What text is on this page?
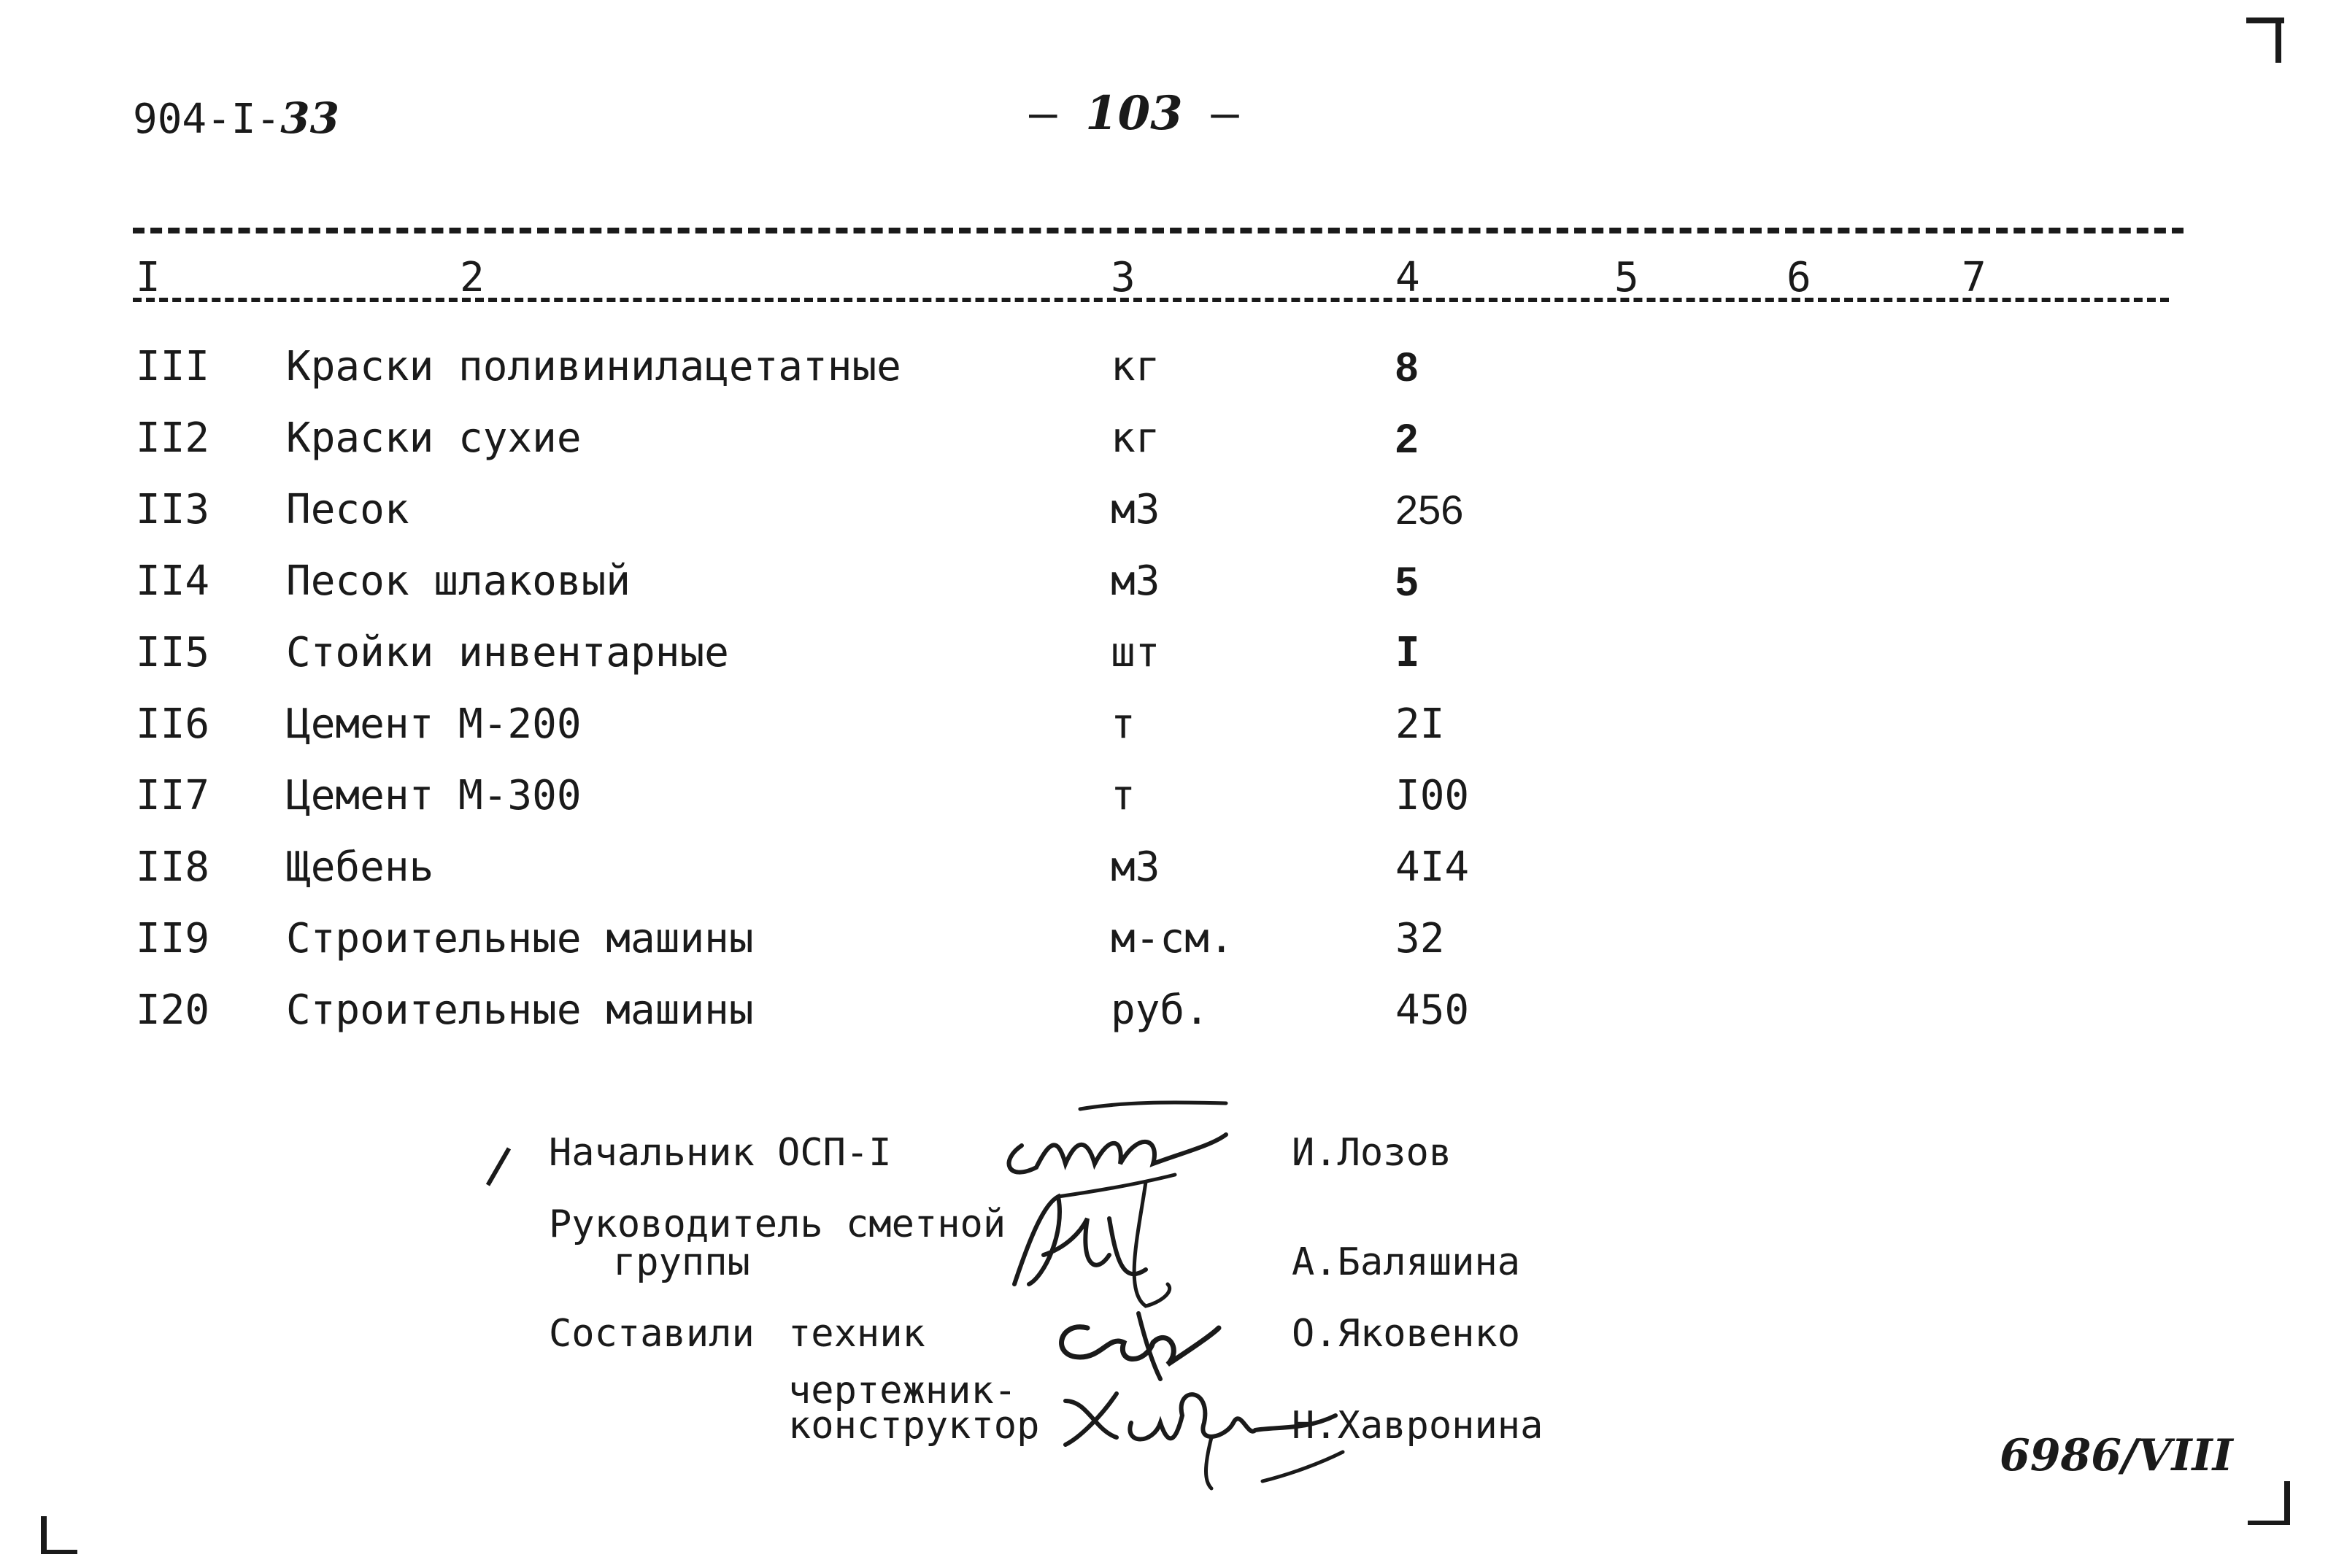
904-I-33	– 103 –
I	2	3	4	5	6	7
III Краски поливинилацетатные	кг	8
II2 Краски сухие	кг	2
II3 Песок	м3	256
II4 Песок шлаковый	м3	5
II5 Стойки инвентарные	шт	I
II6 Цемент М-200	т	2I
II7 Цемент М-300	т	I00
II8 Щебень	м3	4I4
II9 Строительные машины	м-см.	32
I20 Строительные машины	руб.	450
Начальник ОСП-I	И.Лозов
Руководитель сметной
группы	А.Баляшина
Составили техник	О.Яковенко
чертежник-
конструктор	Н.Хавронина
6986/VIII
